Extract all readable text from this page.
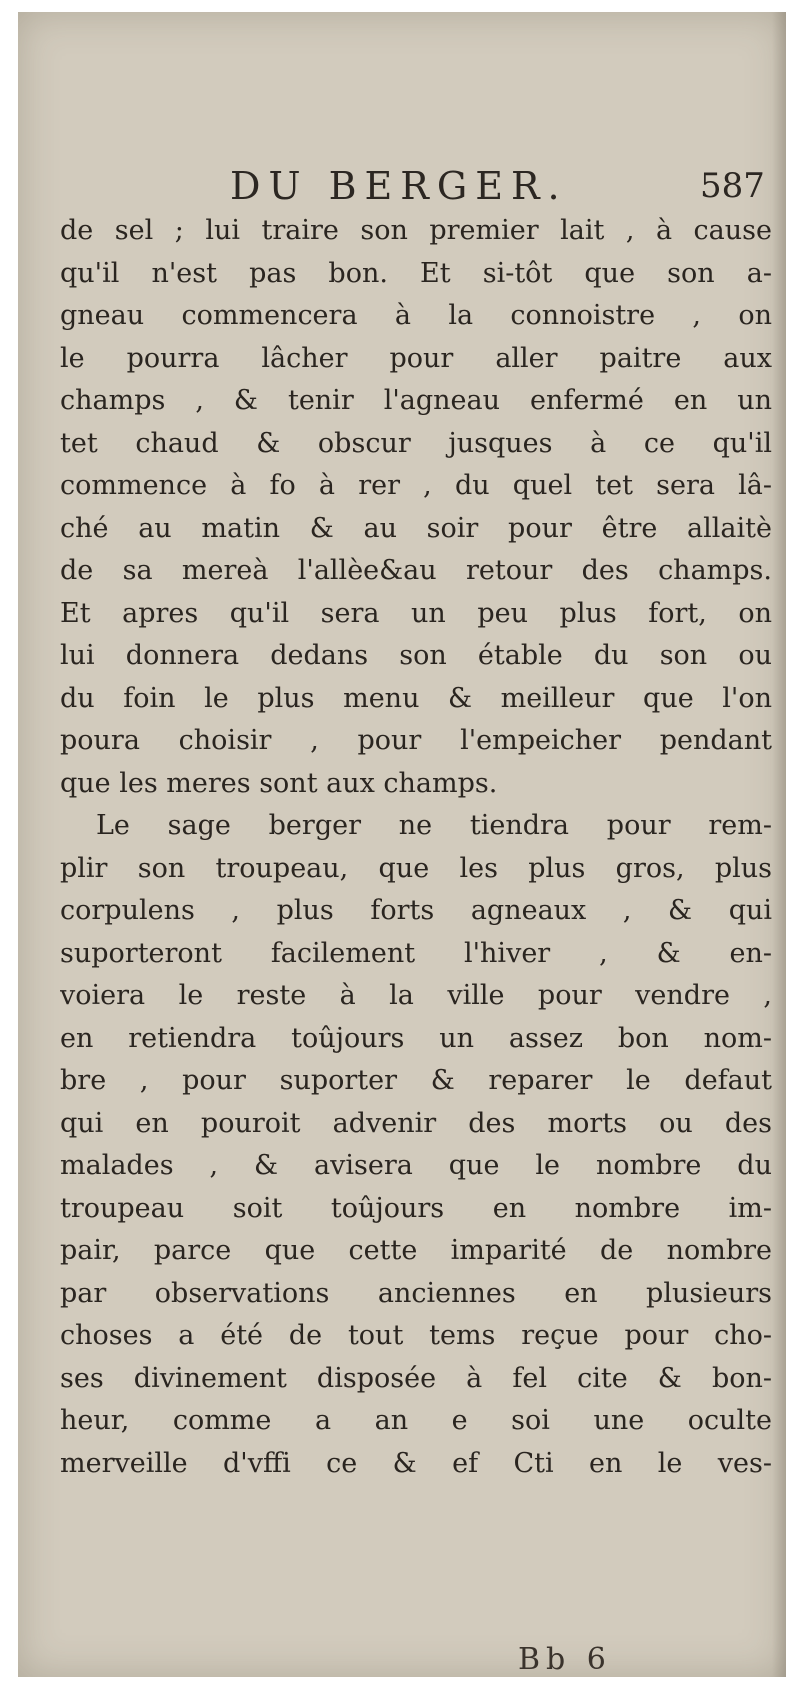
DU BERGER.	587
de sel ; lui traire son premier lait , à cause
qu'il n'est pas bon. Et si-tôt que son a-
gneau commencera à la connoistre , on
le pourra lâcher pour aller paitre aux
champs , & tenir l'agneau enfermé en un
tet chaud & obscur jusques à ce qu'il
commence à fo à rer , du quel tet sera lâ-
ché au matin & au soir pour être allaitè
de sa mereà l'allèe&au retour des champs.
Et apres qu'il sera un peu plus fort, on
lui donnera dedans son étable du son ou
du foin le plus menu & meilleur que l'on
poura choisir , pour l'empeicher pendant
que les meres sont aux champs.
Le sage berger ne tiendra pour rem-
plir son troupeau, que les plus gros, plus
corpulens , plus forts agneaux , & qui
suporteront facilement l'hiver , & en-
voiera le reste à la ville pour vendre ,
en retiendra toûjours un assez bon nom-
bre , pour suporter & reparer le defaut
qui en pouroit advenir des morts ou des
malades , & avisera que le nombre du
troupeau soit toûjours en nombre im-
pair, parce que cette imparité de nombre
par observations anciennes en plusieurs
choses a été de tout tems reçue pour cho-
ses divinement disposée à fel cite & bon-
heur, comme a an e soi une oculte
merveille d'vffi ce & ef Cti en le ves-
Bb 6
